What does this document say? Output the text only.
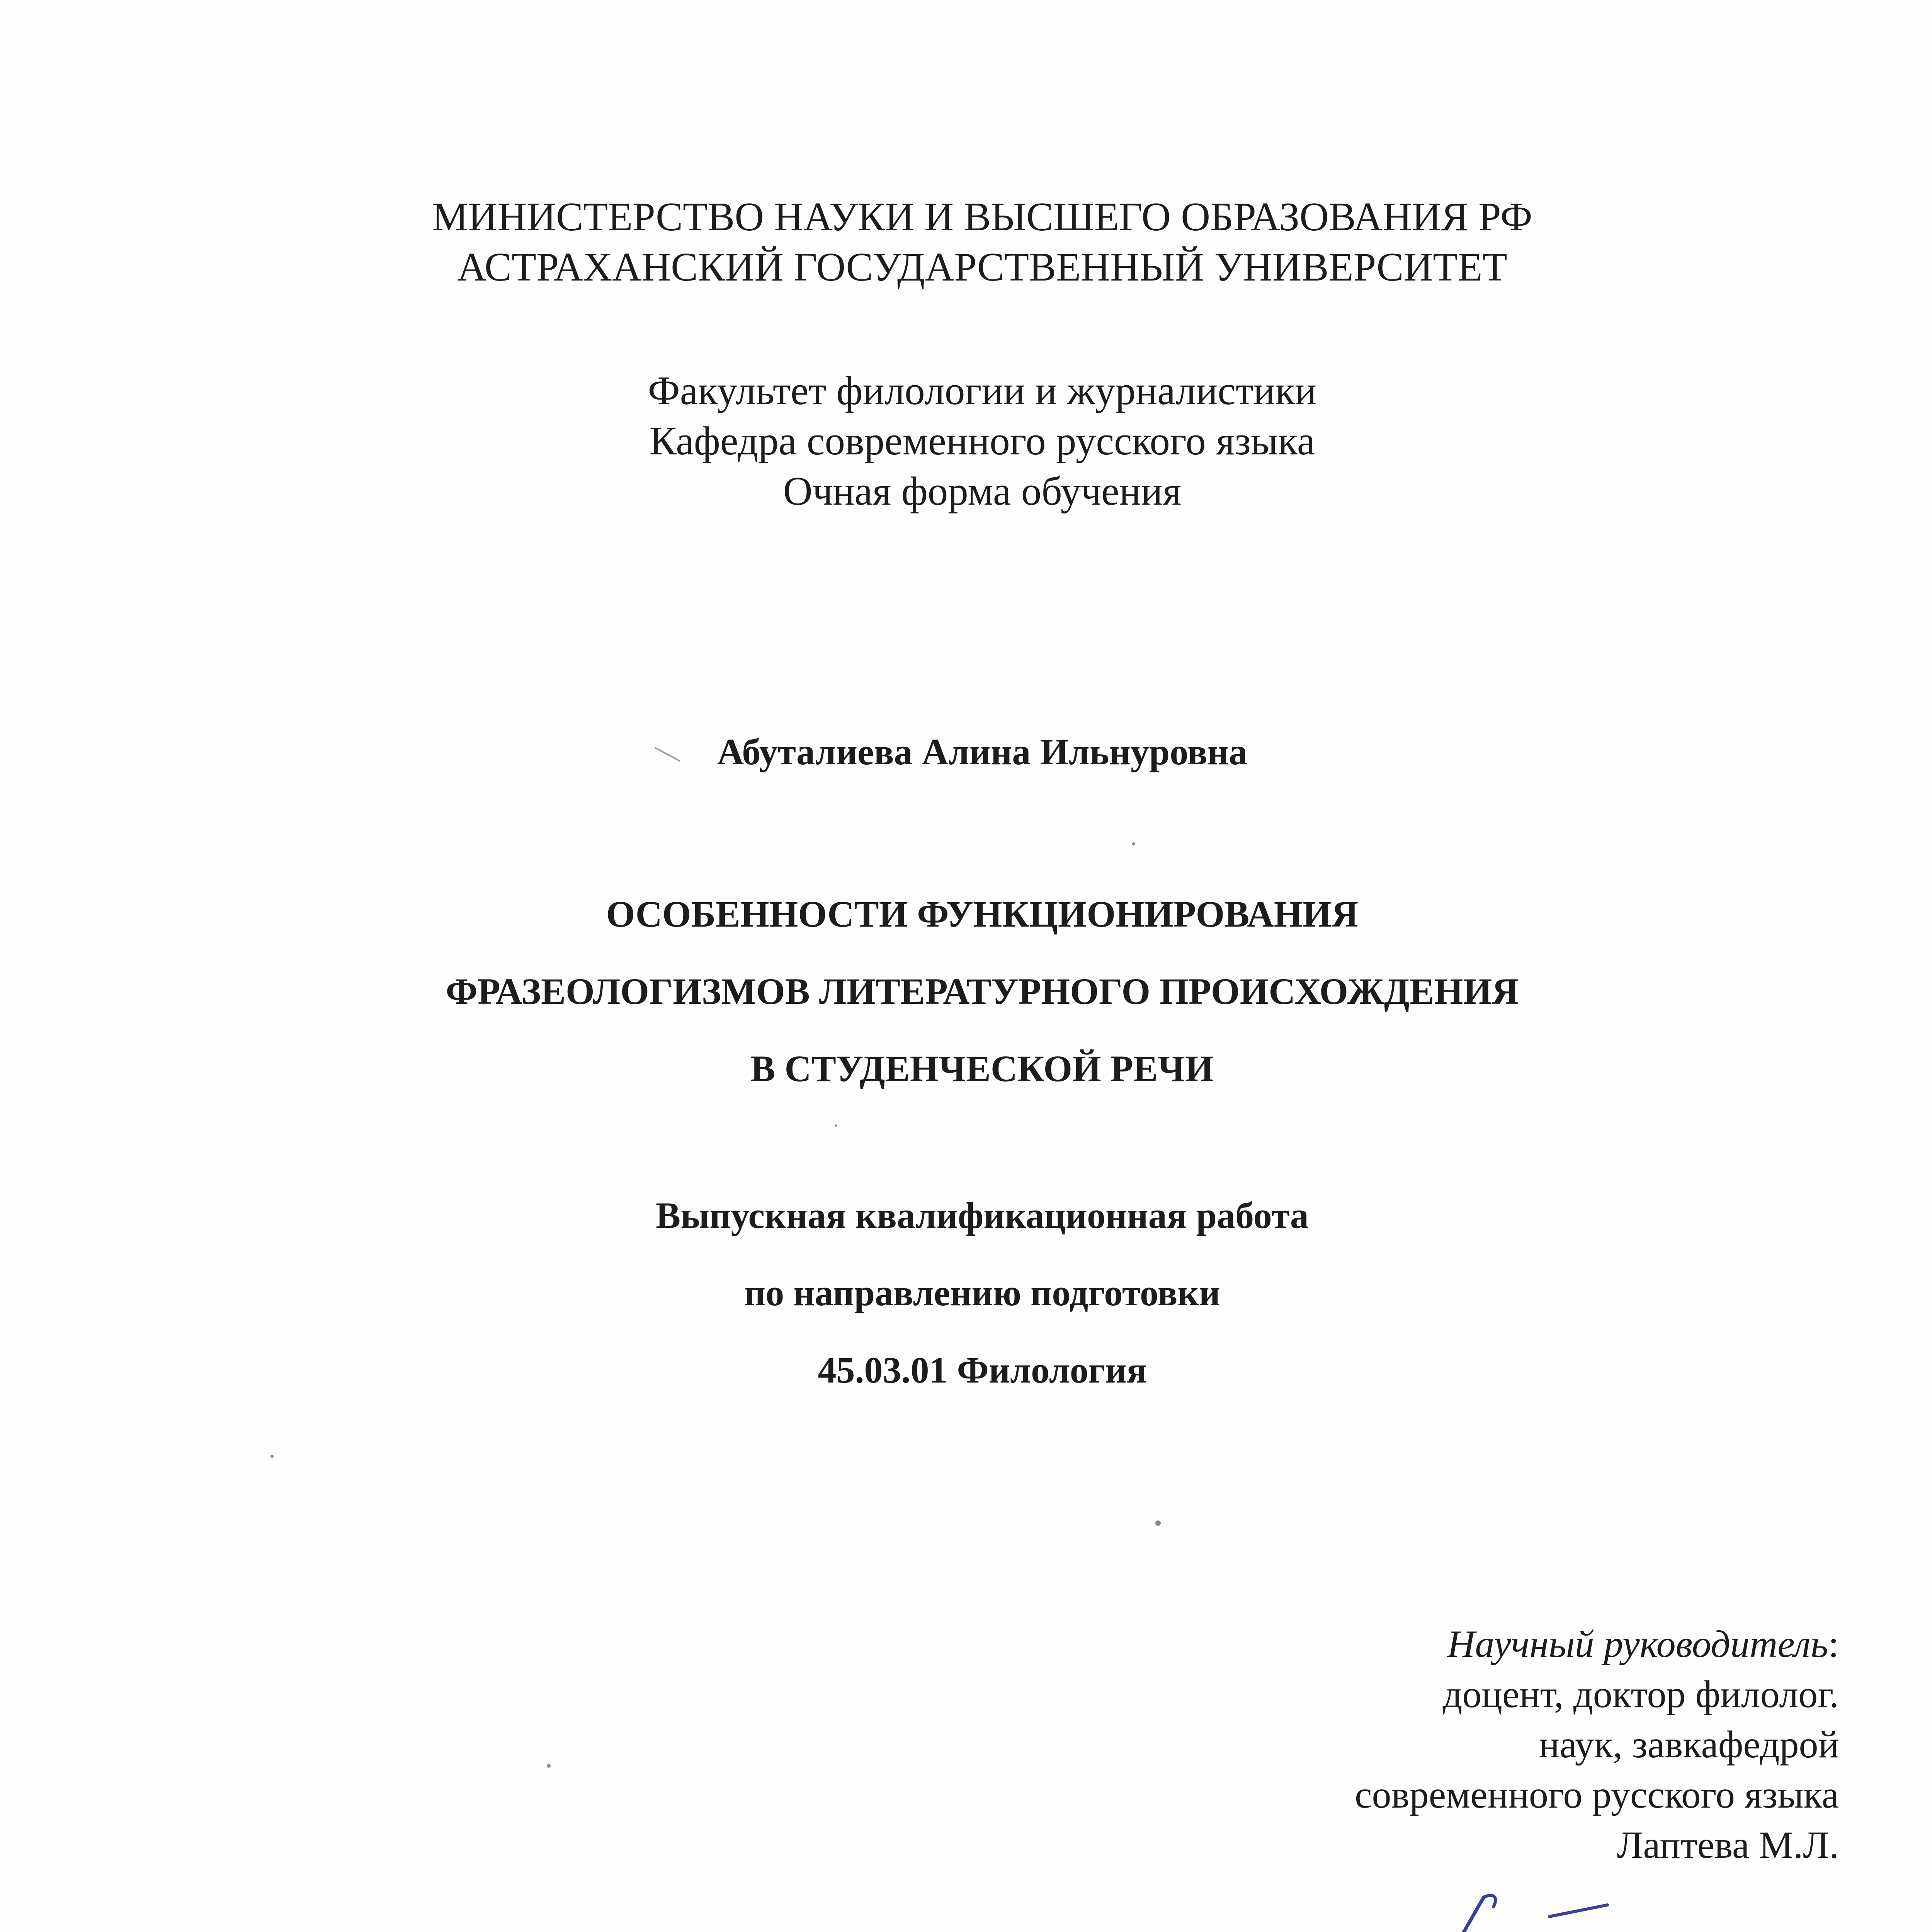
МИНИСТЕРСТВО НАУКИ И ВЫСШЕГО ОБРАЗОВАНИЯ РФ
АСТРАХАНСКИЙ ГОСУДАРСТВЕННЫЙ УНИВЕРСИТЕТ
Факультет филологии и журналистики
Кафедра современного русского языка
Очная форма обучения
Абуталиева Алина Ильнуровна
ОСОБЕННОСТИ ФУНКЦИОНИРОВАНИЯ
ФРАЗЕОЛОГИЗМОВ ЛИТЕРАТУРНОГО ПРОИСХОЖДЕНИЯ
В СТУДЕНЧЕСКОЙ РЕЧИ
Выпускная квалификационная работа
по направлению подготовки
45.03.01 Филология
Научный руководитель:
доцент, доктор филолог.
наук, завкафедрой
современного русского языка
Лаптева М.Л.
